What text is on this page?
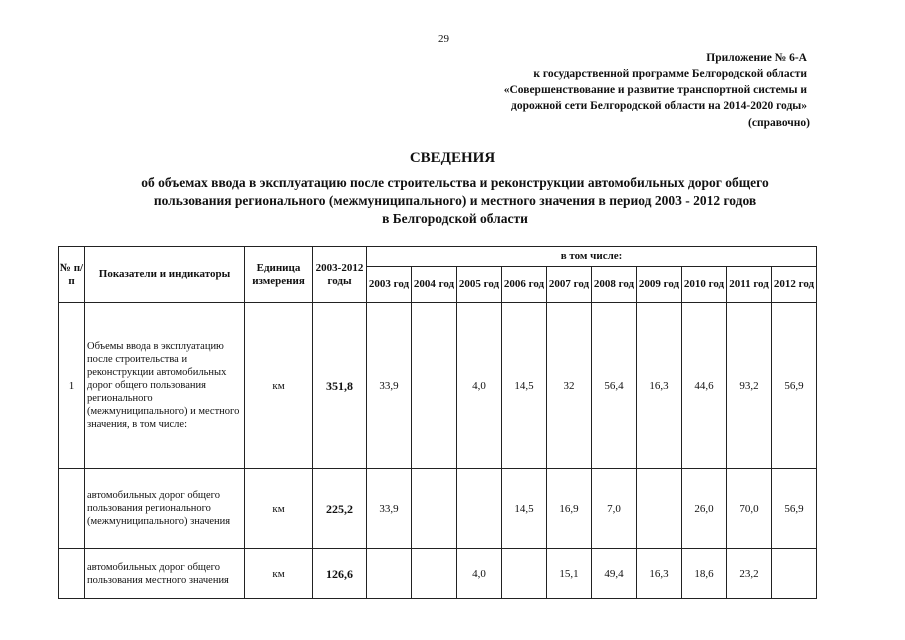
29
Приложение № 6-А
к государственной программе Белгородской области
«Совершенствование и развитие транспортной системы и
дорожной сети Белгородской области на 2014-2020 годы»
(справочно)
СВЕДЕНИЯ
об объемах ввода в эксплуатацию после строительства и реконструкции автомобильных дорог общего
пользования регионального (межмуниципального) и местного значения в период 2003 - 2012 годов
в Белгородской области
№ п/п	Показатели и индикаторы	Единица измерения	2003-2012 годы	в том числе:									
				2003 год	2004 год	2005 год	2006 год	2007 год	2008 год	2009 год	2010 год	2011 год	2012 год
1	Объемы ввода в эксплуатацию после строительства и реконструкции автомобильных дорог общего пользования регионального (межмуниципального) и местного значения, в том числе:	км	351,8	33,9		4,0	14,5	32	56,4	16,3	44,6	93,2	56,9
	автомобильных дорог общего пользования регионального (межмуниципального) значения	км	225,2	33,9			14,5	16,9	7,0		26,0	70,0	56,9
	автомобильных дорог общего пользования местного значения	км	126,6			4,0		15,1	49,4	16,3	18,6	23,2	
